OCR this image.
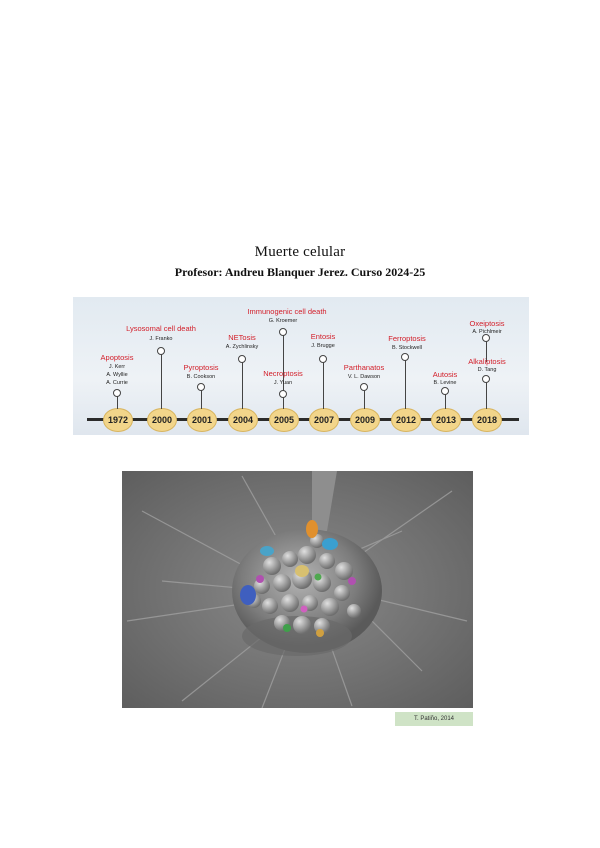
Muerte celular
Profesor: Andreu Blanquer Jerez. Curso 2024-25
1972	2000	2001	2004	2005	2007	2009	2012	2013	2018
Apoptosis
J. Kerr
A. Wyllie
A. Currie
Lysosomal cell death
J. Franko
Pyroptosis
B. Cookson
NETosis
A. Zychlinsky
Immunogenic cell death
G. Kroemer
Necroptosis
J. Yuan
Entosis
J. Brugge
Parthanatos
V. L. Dawson
Ferroptosis
B. Stockwell
Autosis
B. Levine
Oxeiptosis
A. Pichlmeir
Alkaliptosis
D. Tang
T. Patiño, 2014
